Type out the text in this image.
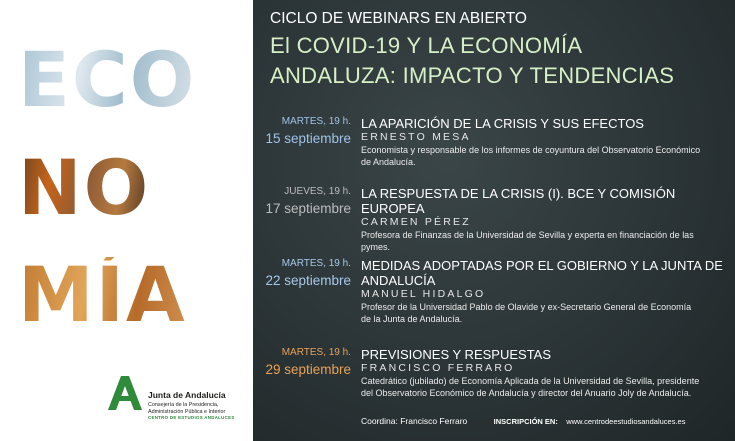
ECO
NO
MÍA
Junta de Andalucía
Consejería de la Presidencia,
Administración Pública e Interior
CENTRO DE ESTUDIOS ANDALUCES
CICLO DE WEBINARS EN ABIERTO
El COVID-19 Y LA ECONOMÍA
ANDALUZA: IMPACTO Y TENDENCIAS
MARTES, 19 h.
15 septiembre
LA APARICIÓN DE LA CRISIS Y SUS EFECTOS
ERNESTO MESA
Economista y responsable de los informes de coyuntura del Observatorio Económico
de Andalucía.
JUEVES, 19 h.
17 septiembre
LA RESPUESTA DE LA CRISIS (I). BCE Y COMISIÓN EUROPEA
CARMEN PÉREZ
Profesora de Finanzas de la Universidad de Sevilla y experta en financiación de las
pymes.
MARTES, 19 h.
22 septiembre
MEDIDAS ADOPTADAS POR EL GOBIERNO Y LA JUNTA DE
ANDALUCÍA
MANUEL HIDALGO
Profesor de la Universidad Pablo de Olavide y ex-Secretario General de Economía
de la Junta de Andalucía.
MARTES, 19 h.
29 septiembre
PREVISIONES Y RESPUESTAS
FRANCISCO FERRARO
Catedrático (jubilado) de Economía Aplicada de la Universidad de Sevilla, presidente
del Observatorio Económico de Andalucía y director del Anuario Joly de Andalucía.
Coordina: Francisco Ferraro	INSCRIPCIÓN EN: www.centrodeestudiosandaluces.es
